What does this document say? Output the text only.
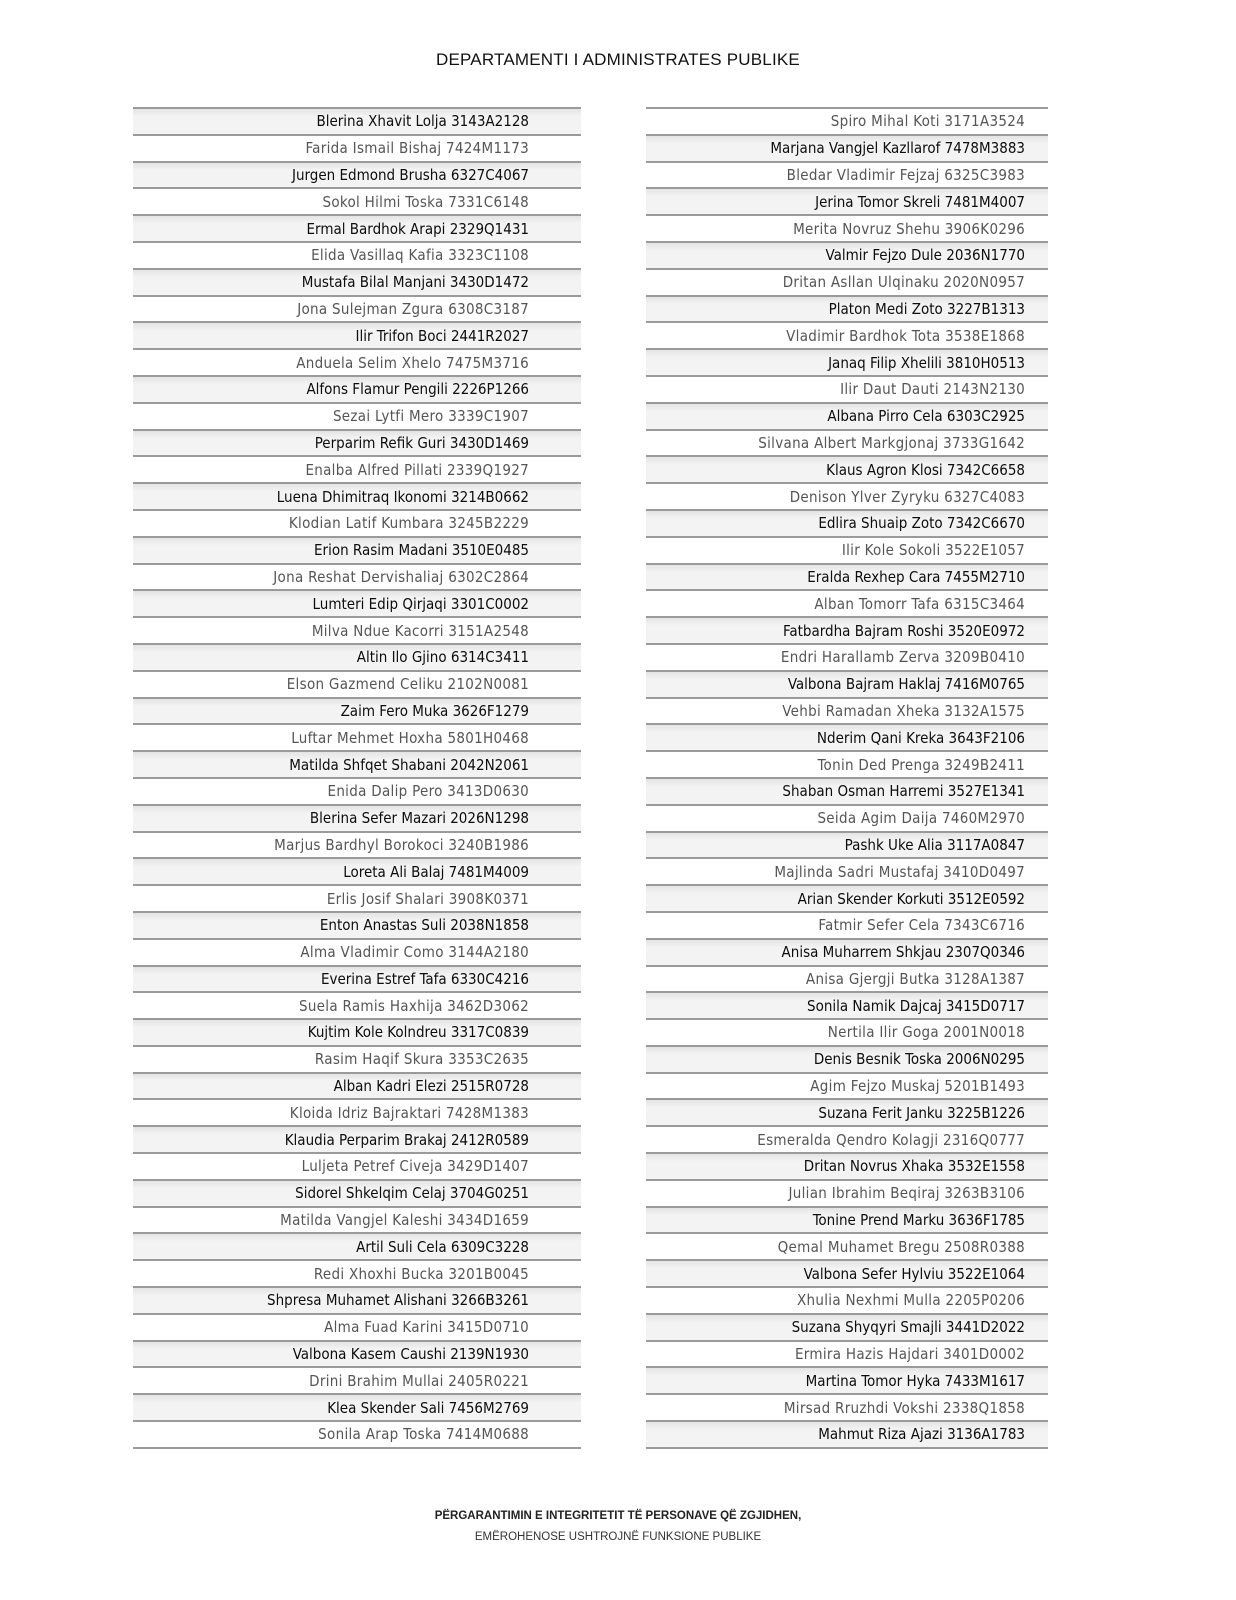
DEPARTAMENTI I ADMINISTRATES PUBLIKE
Blerina Xhavit Lolja 3143A2128
Farida Ismail Bishaj 7424M1173
Jurgen Edmond Brusha 6327C4067
Sokol Hilmi Toska 7331C6148
Ermal Bardhok Arapi 2329Q1431
Elida Vasillaq Kafia 3323C1108
Mustafa Bilal Manjani 3430D1472
Jona Sulejman Zgura 6308C3187
Ilir Trifon Boci 2441R2027
Anduela Selim Xhelo 7475M3716
Alfons Flamur Pengili 2226P1266
Sezai Lytfi Mero 3339C1907
Perparim Refik Guri 3430D1469
Enalba Alfred Pillati 2339Q1927
Luena Dhimitraq Ikonomi 3214B0662
Klodian Latif Kumbara 3245B2229
Erion Rasim Madani 3510E0485
Jona Reshat Dervishaliaj 6302C2864
Lumteri Edip Qirjaqi 3301C0002
Milva Ndue Kacorri 3151A2548
Altin Ilo Gjino 6314C3411
Elson Gazmend Celiku 2102N0081
Zaim Fero Muka 3626F1279
Luftar Mehmet Hoxha 5801H0468
Matilda Shfqet Shabani 2042N2061
Enida Dalip Pero 3413D0630
Blerina Sefer Mazari 2026N1298
Marjus Bardhyl Borokoci 3240B1986
Loreta Ali Balaj 7481M4009
Erlis Josif Shalari 3908K0371
Enton Anastas Suli 2038N1858
Alma Vladimir Como 3144A2180
Everina Estref Tafa 6330C4216
Suela Ramis Haxhija 3462D3062
Kujtim Kole Kolndreu 3317C0839
Rasim Haqif Skura 3353C2635
Alban Kadri Elezi 2515R0728
Kloida Idriz Bajraktari 7428M1383
Klaudia Perparim Brakaj 2412R0589
Luljeta Petref Civeja 3429D1407
Sidorel Shkelqim Celaj 3704G0251
Matilda Vangjel Kaleshi 3434D1659
Artil Suli Cela 6309C3228
Redi Xhoxhi Bucka 3201B0045
Shpresa Muhamet Alishani 3266B3261
Alma Fuad Karini 3415D0710
Valbona Kasem Caushi 2139N1930
Drini Brahim Mullai 2405R0221
Klea Skender Sali 7456M2769
Sonila Arap Toska 7414M0688
Spiro Mihal Koti 3171A3524
Marjana Vangjel Kazllarof 7478M3883
Bledar Vladimir Fejzaj 6325C3983
Jerina Tomor Skreli 7481M4007
Merita Novruz Shehu 3906K0296
Valmir Fejzo Dule 2036N1770
Dritan Asllan Ulqinaku 2020N0957
Platon Medi Zoto 3227B1313
Vladimir Bardhok Tota 3538E1868
Janaq Filip Xhelili 3810H0513
Ilir Daut Dauti 2143N2130
Albana Pirro Cela 6303C2925
Silvana Albert Markgjonaj 3733G1642
Klaus Agron Klosi 7342C6658
Denison Ylver Zyryku 6327C4083
Edlira Shuaip Zoto 7342C6670
Ilir Kole Sokoli 3522E1057
Eralda Rexhep Cara 7455M2710
Alban Tomorr Tafa 6315C3464
Fatbardha Bajram Roshi 3520E0972
Endri Harallamb Zerva 3209B0410
Valbona Bajram Haklaj 7416M0765
Vehbi Ramadan Xheka 3132A1575
Nderim Qani Kreka 3643F2106
Tonin Ded Prenga 3249B2411
Shaban Osman Harremi 3527E1341
Seida Agim Daija 7460M2970
Pashk Uke Alia 3117A0847
Majlinda Sadri Mustafaj 3410D0497
Arian Skender Korkuti 3512E0592
Fatmir Sefer Cela 7343C6716
Anisa Muharrem Shkjau 2307Q0346
Anisa Gjergji Butka 3128A1387
Sonila Namik Dajcaj 3415D0717
Nertila Ilir Goga 2001N0018
Denis Besnik Toska 2006N0295
Agim Fejzo Muskaj 5201B1493
Suzana Ferit Janku 3225B1226
Esmeralda Qendro Kolagji 2316Q0777
Dritan Novrus Xhaka 3532E1558
Julian Ibrahim Beqiraj 3263B3106
Tonine Prend Marku 3636F1785
Qemal Muhamet Bregu 2508R0388
Valbona Sefer Hylviu 3522E1064
Xhulia Nexhmi Mulla 2205P0206
Suzana Shyqyri Smajli 3441D2022
Ermira Hazis Hajdari 3401D0002
Martina Tomor Hyka 7433M1617
Mirsad Rruzhdi Vokshi 2338Q1858
Mahmut Riza Ajazi 3136A1783
PËRGARANTIMIN E INTEGRITETIT TË PERSONAVE QË ZGJIDHEN,
EMËROHENOSE USHTROJNË FUNKSIONE PUBLIKE
